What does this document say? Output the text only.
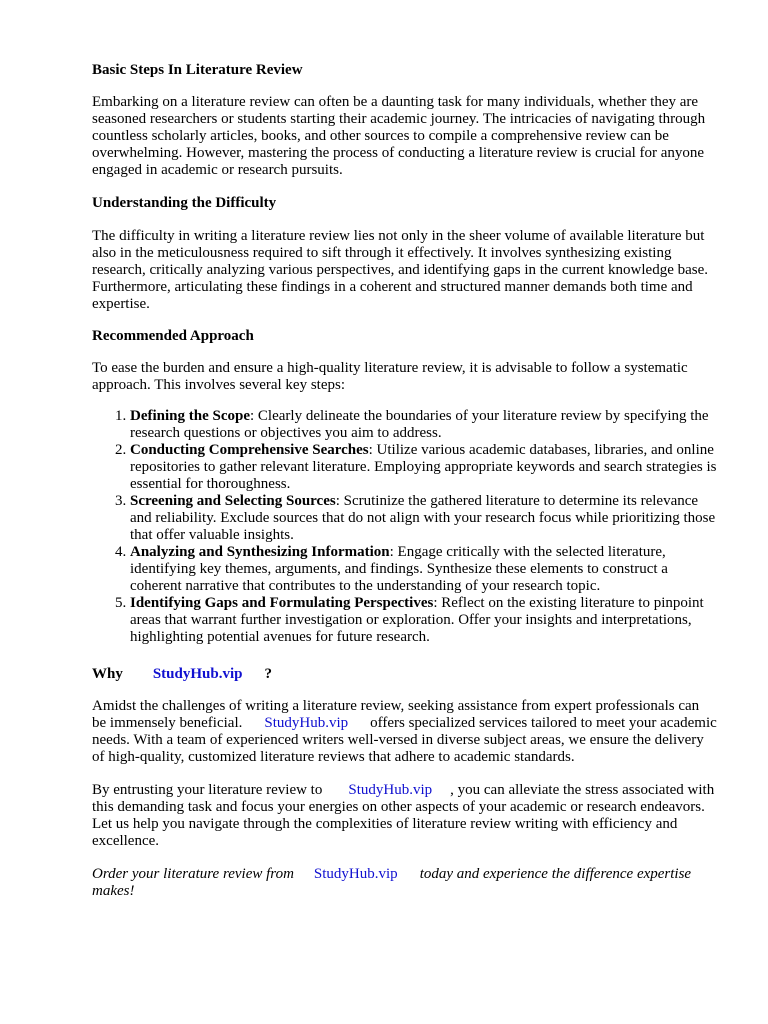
Basic Steps In Literature Review

Embarking on a literature review can often be a daunting task for many individuals, whether they are seasoned researchers or students starting their academic journey. The intricacies of navigating through countless scholarly articles, books, and other sources to compile a comprehensive review can be overwhelming. However, mastering the process of conducting a literature review is crucial for anyone engaged in academic or research pursuits.

Understanding the Difficulty

The difficulty in writing a literature review lies not only in the sheer volume of available literature but also in the meticulousness required to sift through it effectively. It involves synthesizing existing research, critically analyzing various perspectives, and identifying gaps in the current knowledge base. Furthermore, articulating these findings in a coherent and structured manner demands both time and expertise.

Recommended Approach

To ease the burden and ensure a high-quality literature review, it is advisable to follow a systematic approach. This involves several key steps:

1. Defining the Scope: Clearly delineate the boundaries of your literature review by specifying the research questions or objectives you aim to address.
2. Conducting Comprehensive Searches: Utilize various academic databases, libraries, and online repositories to gather relevant literature. Employing appropriate keywords and search strategies is essential for thoroughness.
3. Screening and Selecting Sources: Scrutinize the gathered literature to determine its relevance and reliability. Exclude sources that do not align with your research focus while prioritizing those that offer valuable insights.
4. Analyzing and Synthesizing Information: Engage critically with the selected literature, identifying key themes, arguments, and findings. Synthesize these elements to construct a coherent narrative that contributes to the understanding of your research topic.
5. Identifying Gaps and Formulating Perspectives: Reflect on the existing literature to pinpoint areas that warrant further investigation or exploration. Offer your insights and interpretations, highlighting potential avenues for future research.
Why StudyHub.vip ?

Amidst the challenges of writing a literature review, seeking assistance from expert professionals can be immensely beneficial. StudyHub.vip offers specialized services tailored to meet your academic needs. With a team of experienced writers well-versed in diverse subject areas, we ensure the delivery of high-quality, customized literature reviews that adhere to academic standards.

By entrusting your literature review to StudyHub.vip , you can alleviate the stress associated with this demanding task and focus your energies on other aspects of your academic or research endeavors. Let us help you navigate through the complexities of literature review writing with efficiency and excellence.

Order your literature review from StudyHub.vip today and experience the difference expertise makes!
